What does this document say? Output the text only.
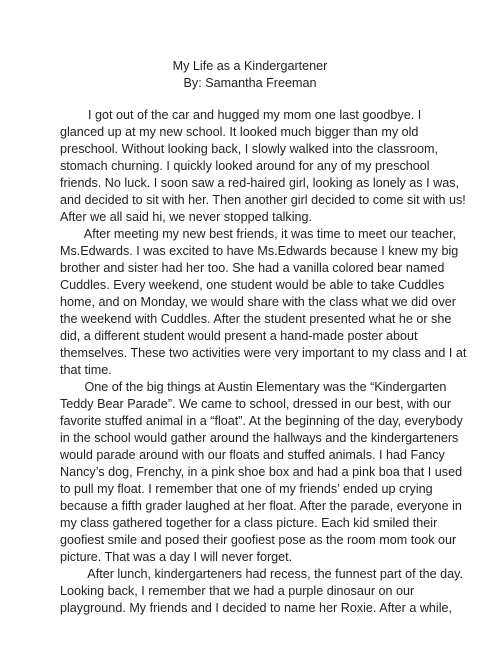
My Life as a Kindergartener
By: Samantha Freeman
I got out of the car and hugged my mom one last goodbye. I
glanced up at my new school. It looked much bigger than my old
preschool. Without looking back, I slowly walked into the classroom,
stomach churning. I quickly looked around for any of my preschool
friends. No luck. I soon saw a red-haired girl, looking as lonely as I was,
and decided to sit with her. Then another girl decided to come sit with us!
After we all said hi, we never stopped talking.
After meeting my new best friends, it was time to meet our teacher,
Ms.Edwards. I was excited to have Ms.Edwards because I knew my big
brother and sister had her too. She had a vanilla colored bear named
Cuddles. Every weekend, one student would be able to take Cuddles
home, and on Monday, we would share with the class what we did over
the weekend with Cuddles. After the student presented what he or she
did, a different student would present a hand-made poster about
themselves. These two activities were very important to my class and I at
that time.
One of the big things at Austin Elementary was the “Kindergarten
Teddy Bear Parade”. We came to school, dressed in our best, with our
favorite stuffed animal in a “float”. At the beginning of the day, everybody
in the school would gather around the hallways and the kindergarteners
would parade around with our floats and stuffed animals. I had Fancy
Nancy’s dog, Frenchy, in a pink shoe box and had a pink boa that I used
to pull my float. I remember that one of my friends’ ended up crying
because a fifth grader laughed at her float. After the parade, everyone in
my class gathered together for a class picture. Each kid smiled their
goofiest smile and posed their goofiest pose as the room mom took our
picture. That was a day I will never forget.
After lunch, kindergarteners had recess, the funnest part of the day.
Looking back, I remember that we had a purple dinosaur on our
playground. My friends and I decided to name her Roxie. After a while,
